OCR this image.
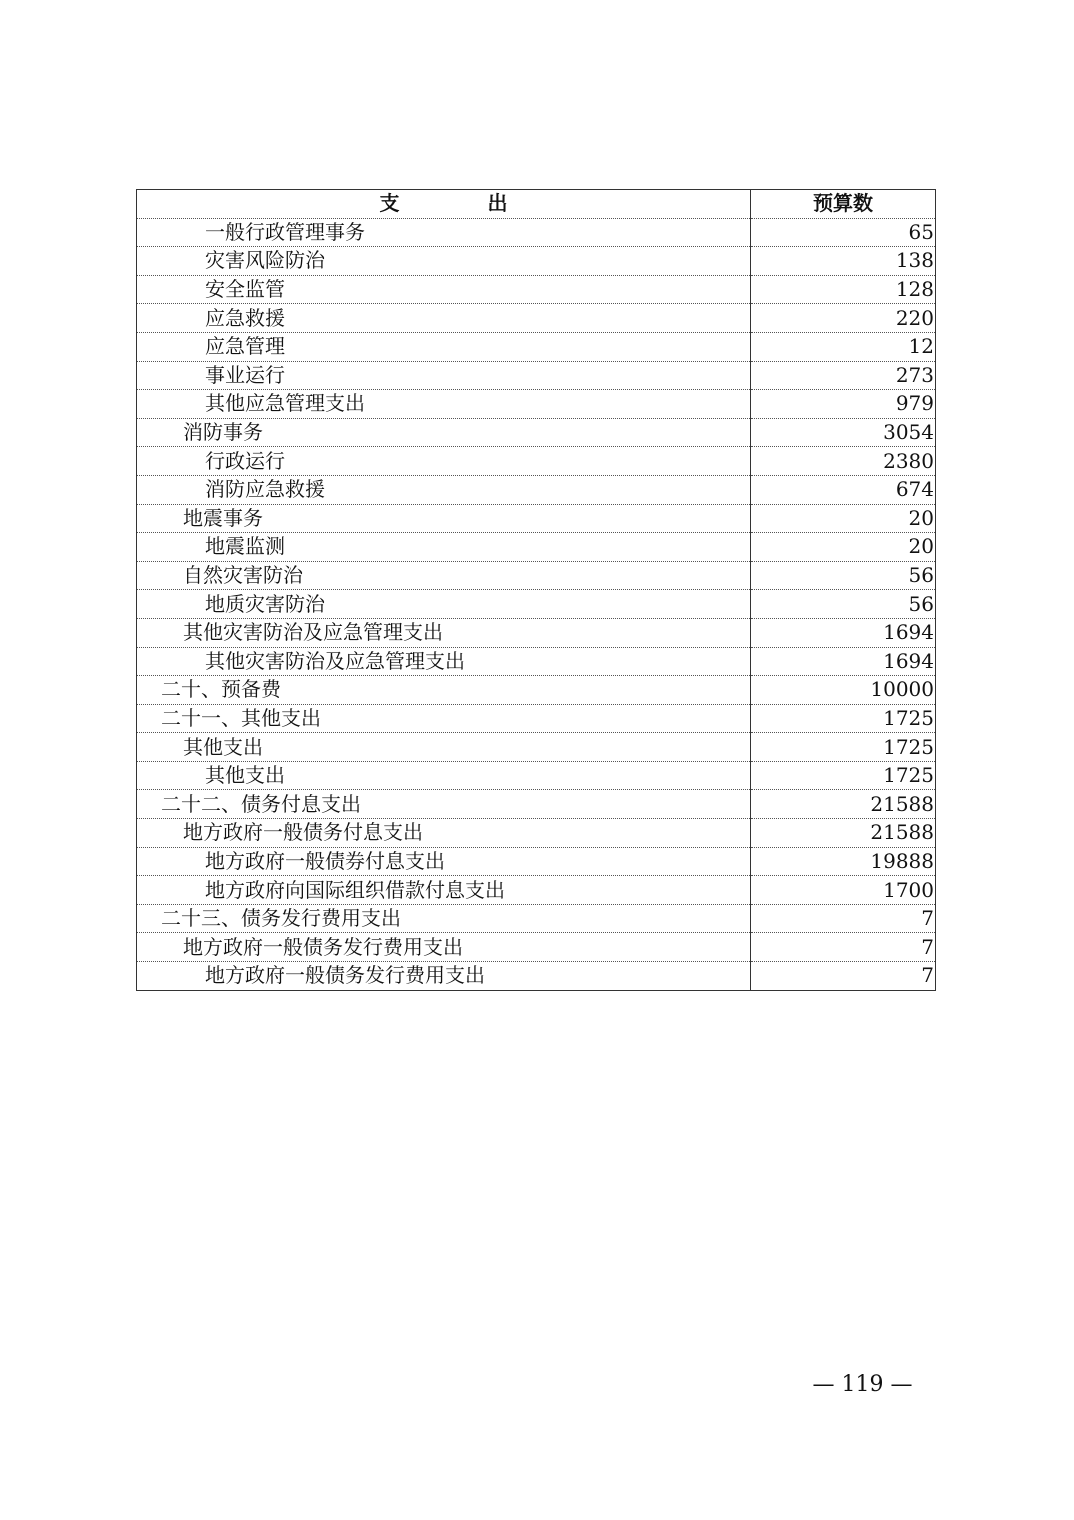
支 出	预算数
一般行政管理事务	65
灾害风险防治	138
安全监管	128
应急救援	220
应急管理	12
事业运行	273
其他应急管理支出	979
消防事务	3054
行政运行	2380
消防应急救援	674
地震事务	20
地震监测	20
自然灾害防治	56
地质灾害防治	56
其他灾害防治及应急管理支出	1694
其他灾害防治及应急管理支出	1694
二十、预备费	10000
二十一、其他支出	1725
其他支出	1725
其他支出	1725
二十二、债务付息支出	21588
地方政府一般债务付息支出	21588
地方政府一般债券付息支出	19888
地方政府向国际组织借款付息支出	1700
二十三、债务发行费用支出	7
地方政府一般债务发行费用支出	7
地方政府一般债务发行费用支出	7
— 119 —
